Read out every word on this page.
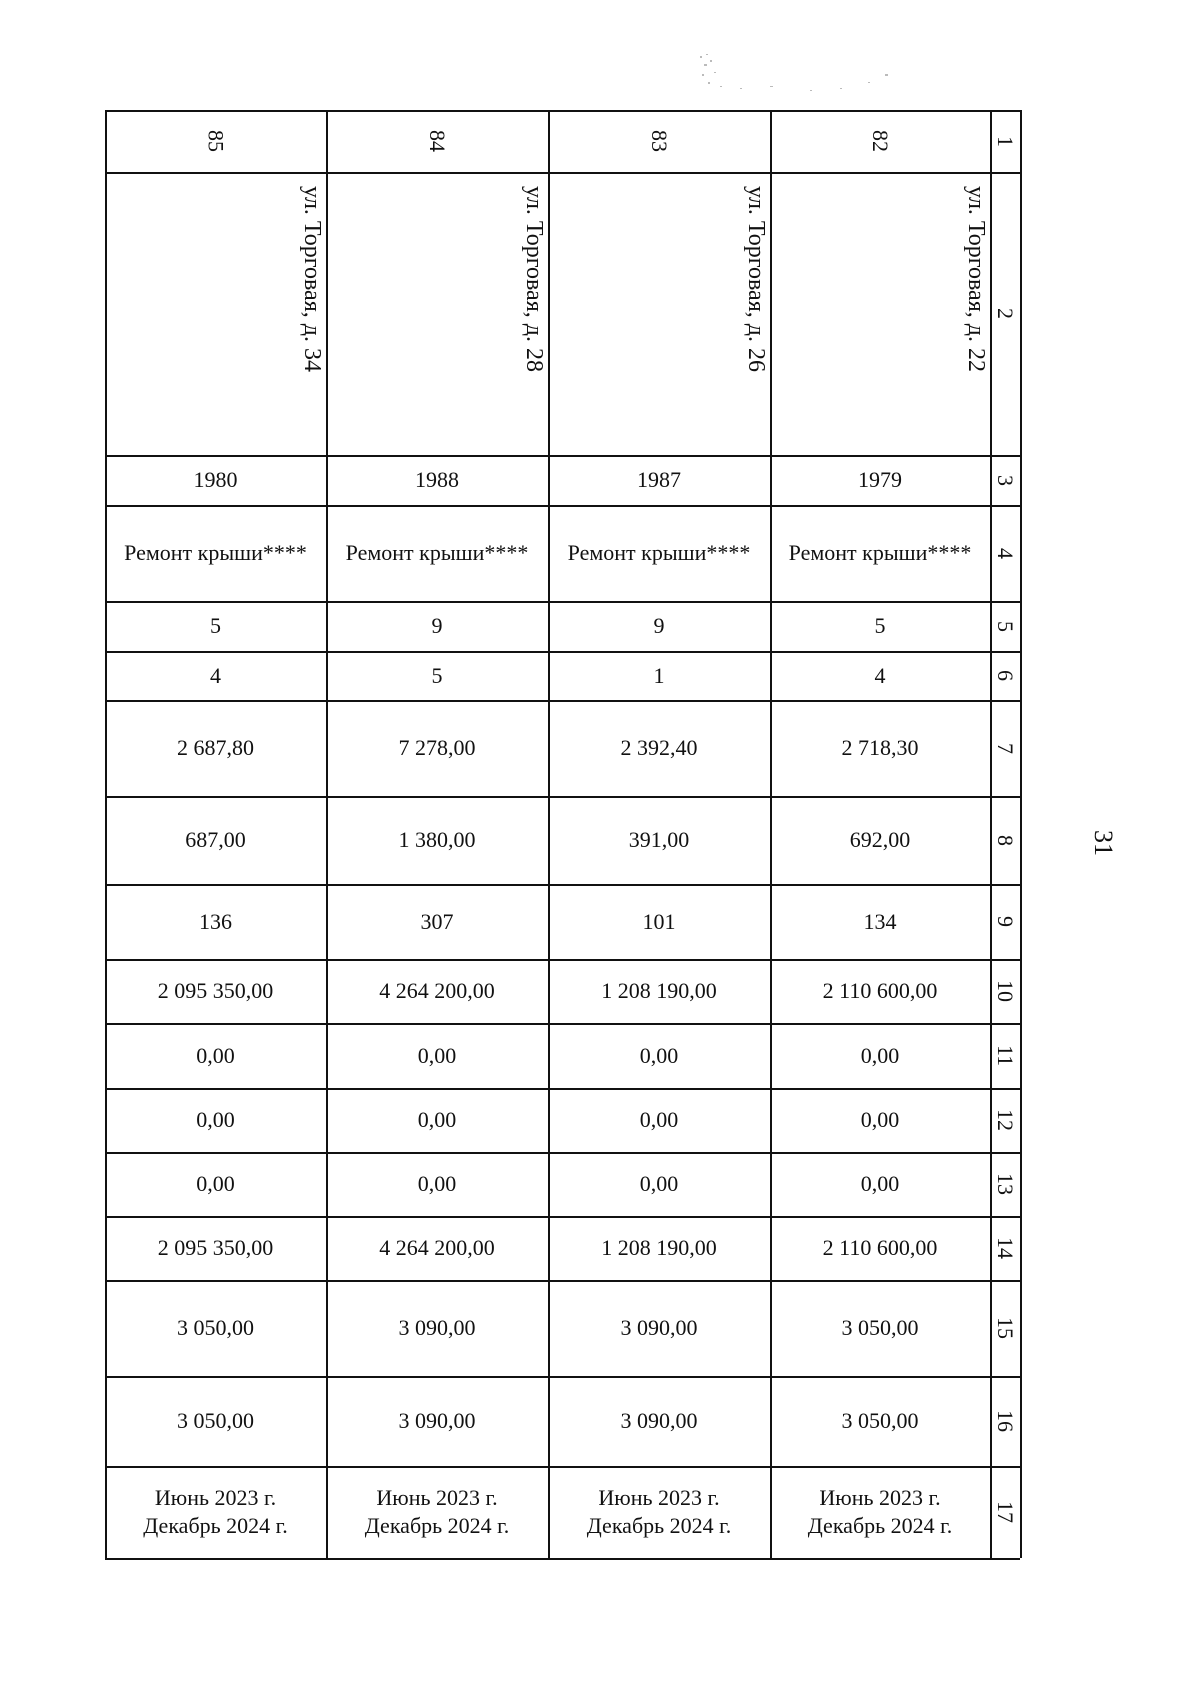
31
85
ул. Торговая, д. 34
1980
Ремонт крыши****
5
4
2 687,80
687,00
136
2 095 350,00
0,00
0,00
0,00
2 095 350,00
3 050,00
3 050,00
Июнь 2023 г.
Декабрь 2024 г.
84
ул. Торговая, д. 28
1988
Ремонт крыши****
9
5
7 278,00
1 380,00
307
4 264 200,00
0,00
0,00
0,00
4 264 200,00
3 090,00
3 090,00
Июнь 2023 г.
Декабрь 2024 г.
83
ул. Торговая, д. 26
1987
Ремонт крыши****
9
1
2 392,40
391,00
101
1 208 190,00
0,00
0,00
0,00
1 208 190,00
3 090,00
3 090,00
Июнь 2023 г.
Декабрь 2024 г.
82
ул. Торговая, д. 22
1979
Ремонт крыши****
5
4
2 718,30
692,00
134
2 110 600,00
0,00
0,00
0,00
2 110 600,00
3 050,00
3 050,00
Июнь 2023 г.
Декабрь 2024 г.
1
2
3
4
5
6
7
8
9
10
11
12
13
14
15
16
17
